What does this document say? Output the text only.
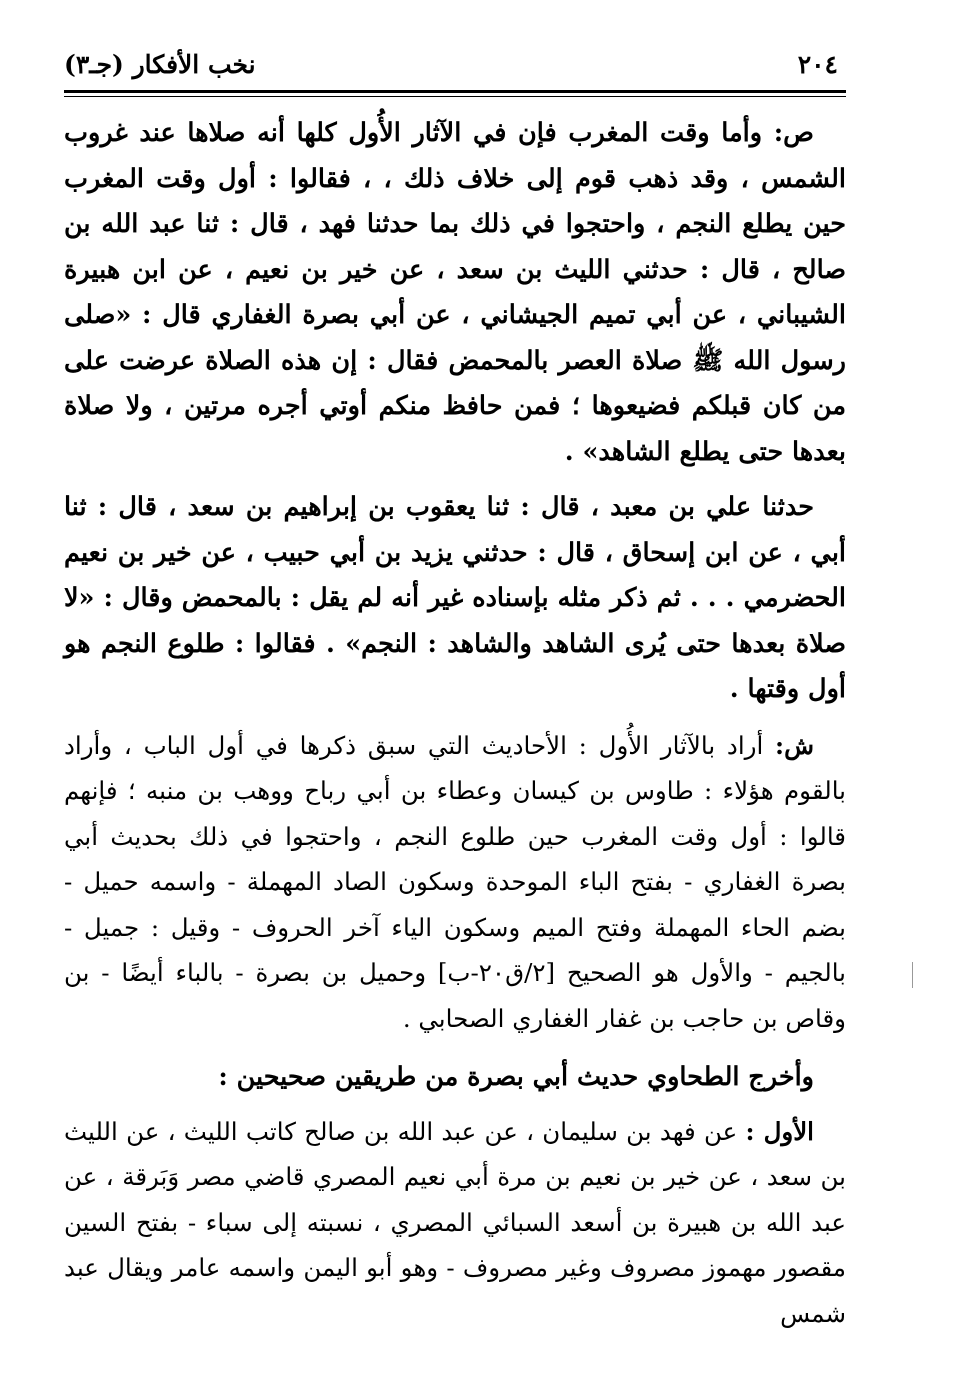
٢٠٤
نخب الأفكار (جـ٣)

ص: وأما وقت المغرب فإن في الآثار الأُول كلها أنه صلاها عند غروب الشمس ، وقد ذهب قوم إلى خلاف ذلك ، ، فقالوا : أول وقت المغرب حين يطلع النجم ، واحتجوا في ذلك بما حدثنا فهد ، قال : ثنا عبد الله بن صالح ، قال : حدثني الليث بن سعد ، عن خير بن نعيم ، عن ابن هبيرة الشيباني ، عن أبي تميم الجيشاني ، عن أبي بصرة الغفاري قال : «صلى رسول الله ﷺ صلاة العصر بالمحمض فقال : إن هذه الصلاة عرضت على من كان قبلكم فضيعوها ؛ فمن حافظ منكم أوتي أجره مرتين ، ولا صلاة بعدها حتى يطلع الشاهد» .

حدثنا علي بن معبد ، قال : ثنا يعقوب بن إبراهيم بن سعد ، قال : ثنا أبي ، عن ابن إسحاق ، قال : حدثني يزيد بن أبي حبيب ، عن خير بن نعيم الحضرمي . . . ثم ذكر مثله بإسناده غير أنه لم يقل : بالمحمض وقال : «لا صلاة بعدها حتى يُرى الشاهد والشاهد : النجم» . فقالوا : طلوع النجم هو أول وقتها .

ش: أراد بالآثار الأُول : الأحاديث التي سبق ذكرها في أول الباب ، وأراد بالقوم هؤلاء : طاوس بن كيسان وعطاء بن أبي رباح ووهب بن منبه ؛ فإنهم قالوا : أول وقت المغرب حين طلوع النجم ، واحتجوا في ذلك بحديث أبي بصرة الغفاري - بفتح الباء الموحدة وسكون الصاد المهملة - واسمه حميل - بضم الحاء المهملة وفتح الميم وسكون الياء آخر الحروف - وقيل : جميل - بالجيم - والأول هو الصحيح [٢/ق٢٠-ب] وحميل بن بصرة - بالباء أيضًا - بن وقاص بن حاجب بن غفار الغفاري الصحابي .

وأخرج الطحاوي حديث أبي بصرة من طريقين صحيحين :

الأول : عن فهد بن سليمان ، عن عبد الله بن صالح كاتب الليث ، عن الليث بن سعد ، عن خير بن نعيم بن مرة أبي نعيم المصري قاضي مصر وَبَرقة ، عن عبد الله بن هبيرة بن أسعد السبائي المصري ، نسبته إلى سباء - بفتح السين مقصور مهموز مصروف وغير مصروف - وهو أبو اليمن واسمه عامر ويقال عبد شمس
